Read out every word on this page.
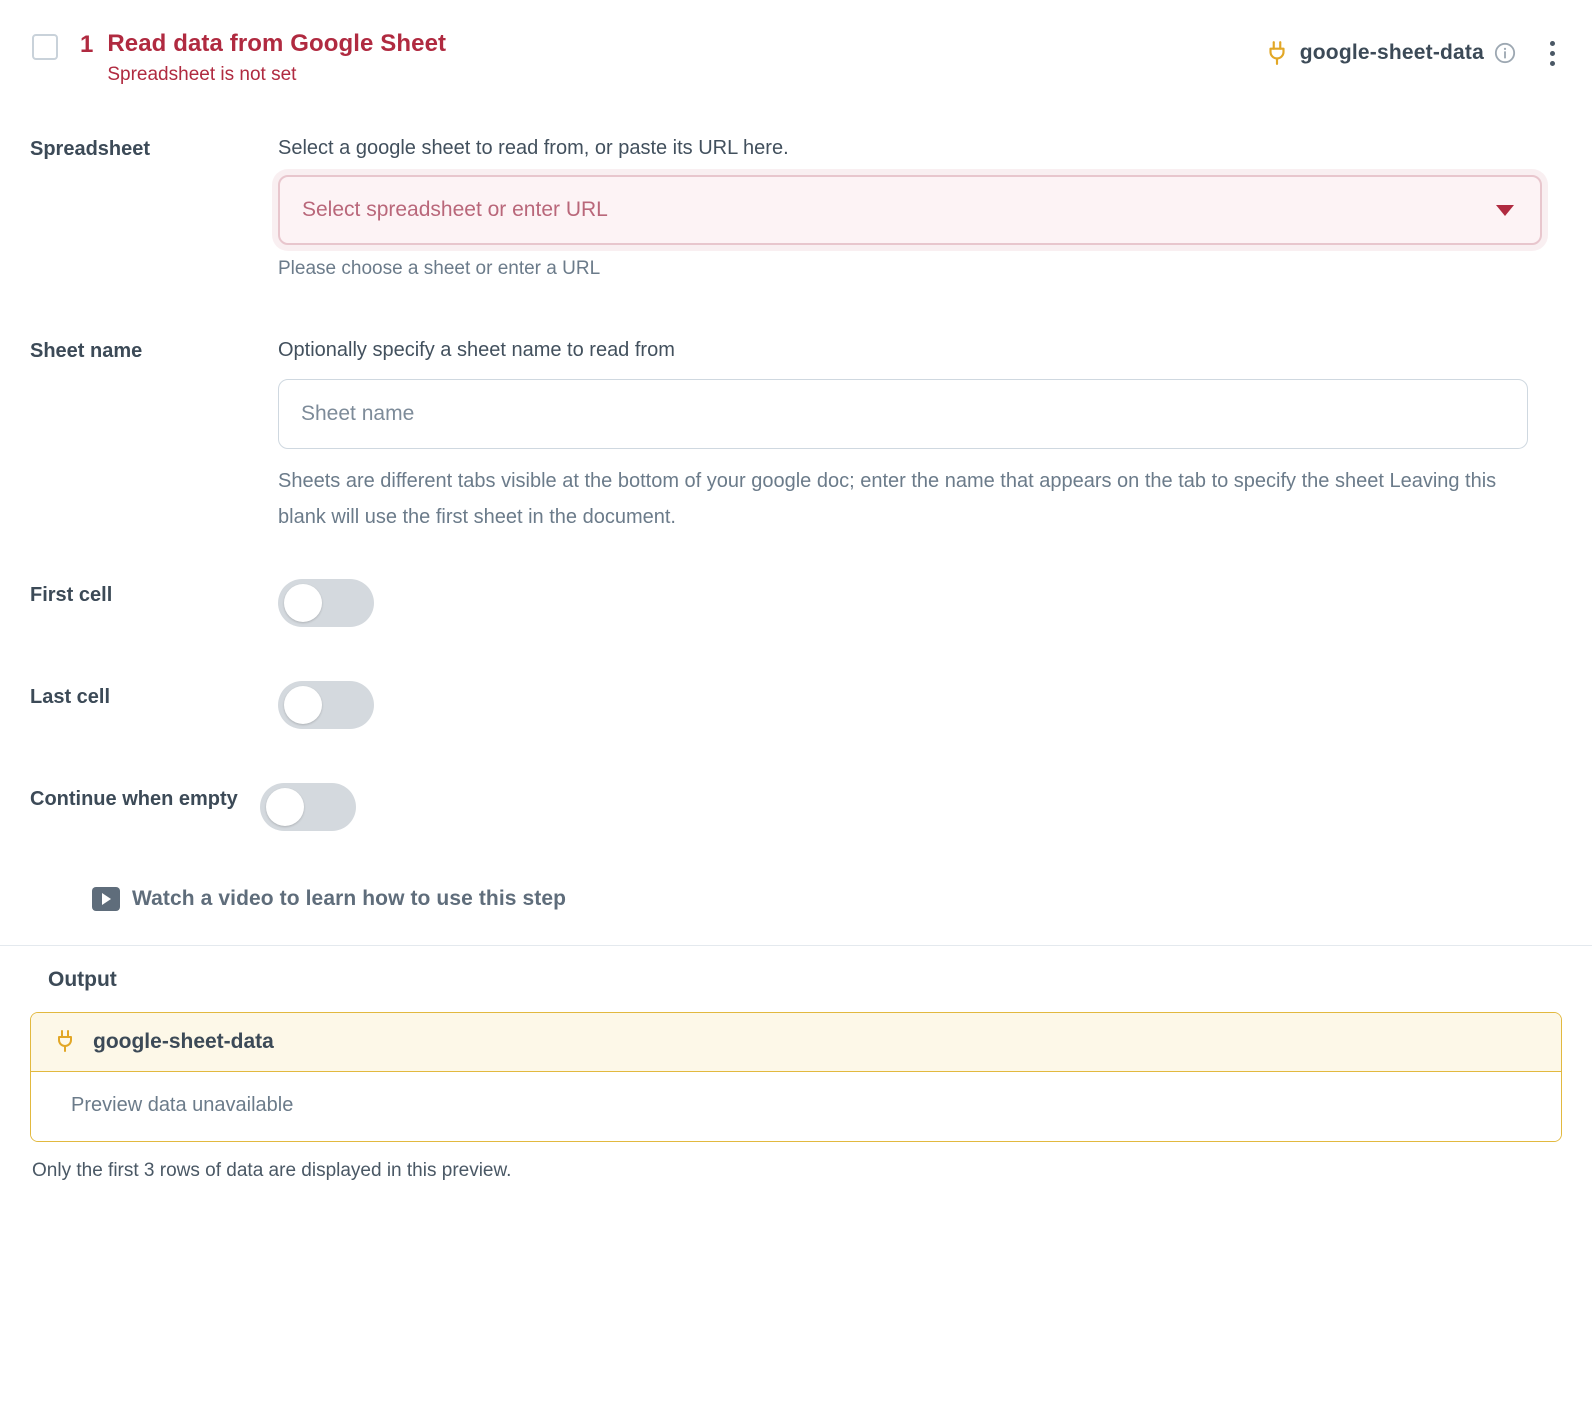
1 Read data from Google Sheet
Spreadsheet is not set
google-sheet-data
Spreadsheet	Select a google sheet to read from, or paste its URL here.
Select spreadsheet or enter URL
Please choose a sheet or enter a URL
Sheet name	Optionally specify a sheet name to read from
Sheet name
Sheets are different tabs visible at the bottom of your google doc; enter the name that appears on the tab to specify the sheet Leaving this blank will use the first sheet in the document.
First cell
Last cell
Continue when empty
Watch a video to learn how to use this step
Output
google-sheet-data
Preview data unavailable
Only the first 3 rows of data are displayed in this preview.
